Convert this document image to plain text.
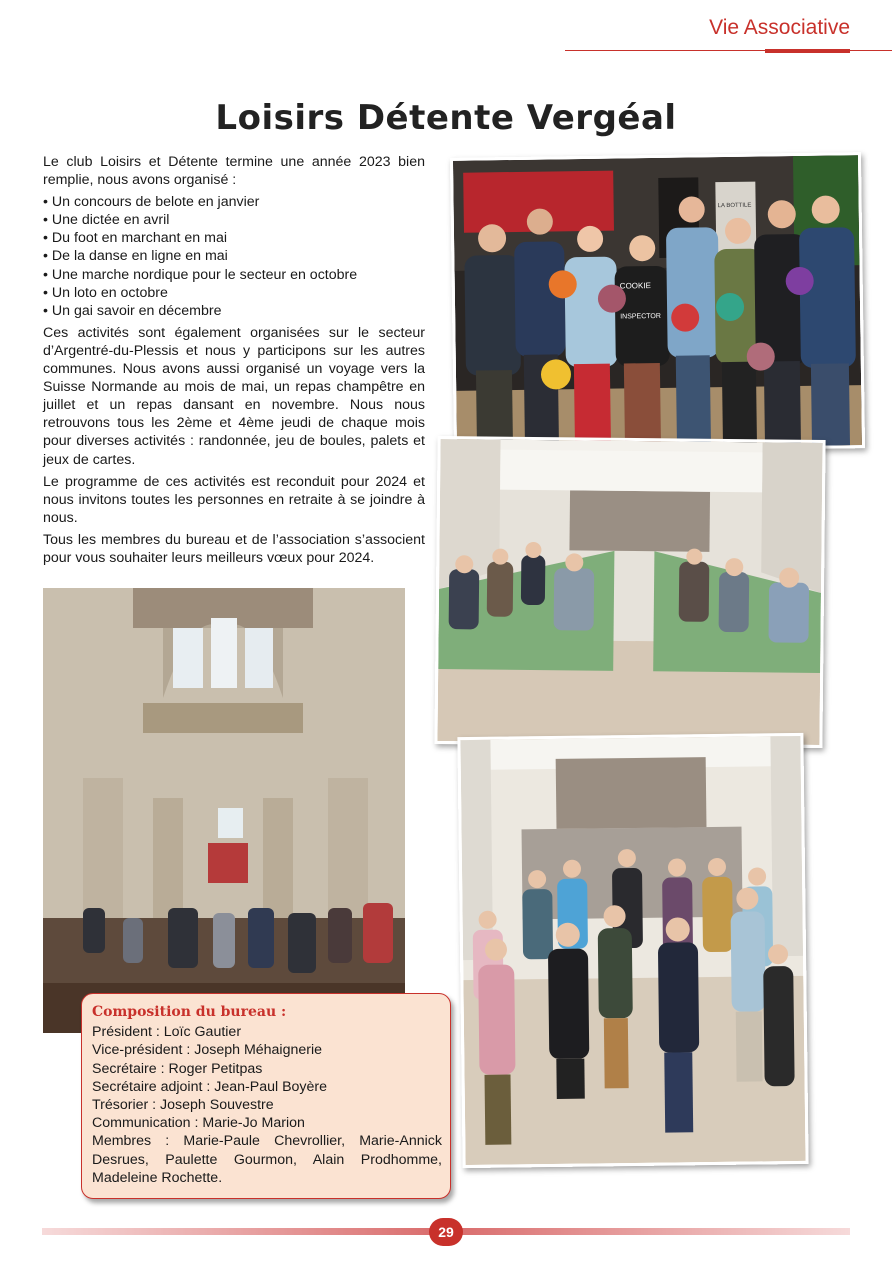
Vie Associative
Loisirs Détente Vergéal

Le club Loisirs et Détente termine une année 2023 bien remplie, nous avons organisé :

• Un concours de belote en janvier
• Une dictée en avril
• Du foot en marchant en mai
• De la danse en ligne en mai
• Une marche nordique pour le secteur en octobre
• Un loto en octobre
• Un gai savoir en décembre

Ces activités sont également organisées sur le secteur d’Argentré-du-Plessis et nous y participons sur les autres communes. Nous avons aussi organisé un voyage vers la Suisse Normande au mois de mai, un repas champêtre en juillet et un repas dansant en novembre. Nous nous retrouvons tous les 2ème et 4ème jeudi de chaque mois pour diverses activités : randonnée, jeu de boules, palets et jeux de cartes.

Le programme de ces activités est reconduit pour 2024 et nous invitons toutes les personnes en retraite à se joindre à nous.

Tous les membres du bureau et de l’association s’associent pour vous souhaiter leurs meilleurs vœux pour 2024.

LA BOTTILE
COOKIE
INSPECTOR
Composition du bureau :
Président : Loïc Gautier
Vice-président : Joseph Méhaignerie
Secrétaire : Roger Petitpas
Secrétaire adjoint : Jean-Paul Boyère
Trésorier : Joseph Souvestre
Communication : Marie-Jo Marion
Membres : Marie-Paule Chevrollier, Marie-Annick Desrues, Paulette Gourmon, Alain Prodhomme, Madeleine Rochette.
29
